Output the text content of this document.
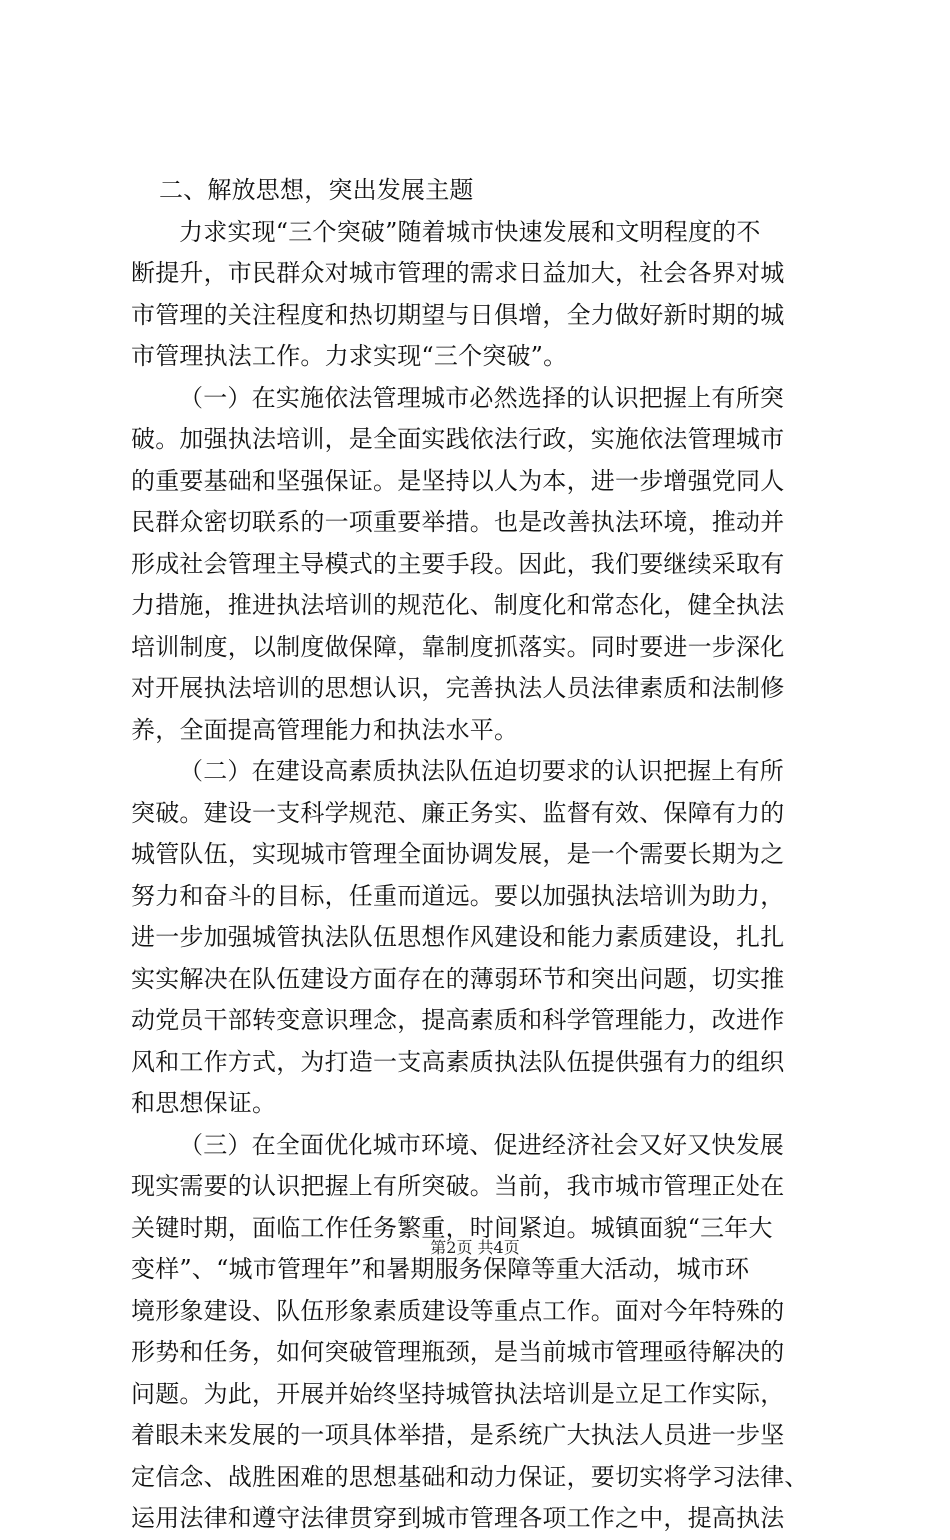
二、解放思想，突出发展主题
力求实现“三个突破”随着城市快速发展和文明程度的不
断提升，市民群众对城市管理的需求日益加大，社会各界对城
市管理的关注程度和热切期望与日俱增，全力做好新时期的城
市管理执法工作。力求实现“三个突破”。
（一）在实施依法管理城市必然选择的认识把握上有所突
破。加强执法培训，是全面实践依法行政，实施依法管理城市
的重要基础和坚强保证。是坚持以人为本，进一步增强党同人
民群众密切联系的一项重要举措。也是改善执法环境，推动并
形成社会管理主导模式的主要手段。因此，我们要继续采取有
力措施，推进执法培训的规范化、制度化和常态化，健全执法
培训制度，以制度做保障，靠制度抓落实。同时要进一步深化
对开展执法培训的思想认识，完善执法人员法律素质和法制修
养，全面提高管理能力和执法水平。
（二）在建设高素质执法队伍迫切要求的认识把握上有所
突破。建设一支科学规范、廉正务实、监督有效、保障有力的
城管队伍，实现城市管理全面协调发展，是一个需要长期为之
努力和奋斗的目标，任重而道远。要以加强执法培训为助力，
进一步加强城管执法队伍思想作风建设和能力素质建设，扎扎
实实解决在队伍建设方面存在的薄弱环节和突出问题，切实推
动党员干部转变意识理念，提高素质和科学管理能力，改进作
风和工作方式，为打造一支高素质执法队伍提供强有力的组织
和思想保证。
（三）在全面优化城市环境、促进经济社会又好又快发展
现实需要的认识把握上有所突破。当前，我市城市管理正处在
关键时期，面临工作任务繁重，时间紧迫。城镇面貌“三年大
变样”、“城市管理年”和暑期服务保障等重大活动，城市环
境形象建设、队伍形象素质建设等重点工作。面对今年特殊的
形势和任务，如何突破管理瓶颈，是当前城市管理亟待解决的
问题。为此，开展并始终坚持城管执法培训是立足工作实际，
着眼未来发展的一项具体举措，是系统广大执法人员进一步坚
定信念、战胜困难的思想基础和动力保证，要切实将学习法律、
运用法律和遵守法律贯穿到城市管理各项工作之中，提高执法
第2页 共4页
